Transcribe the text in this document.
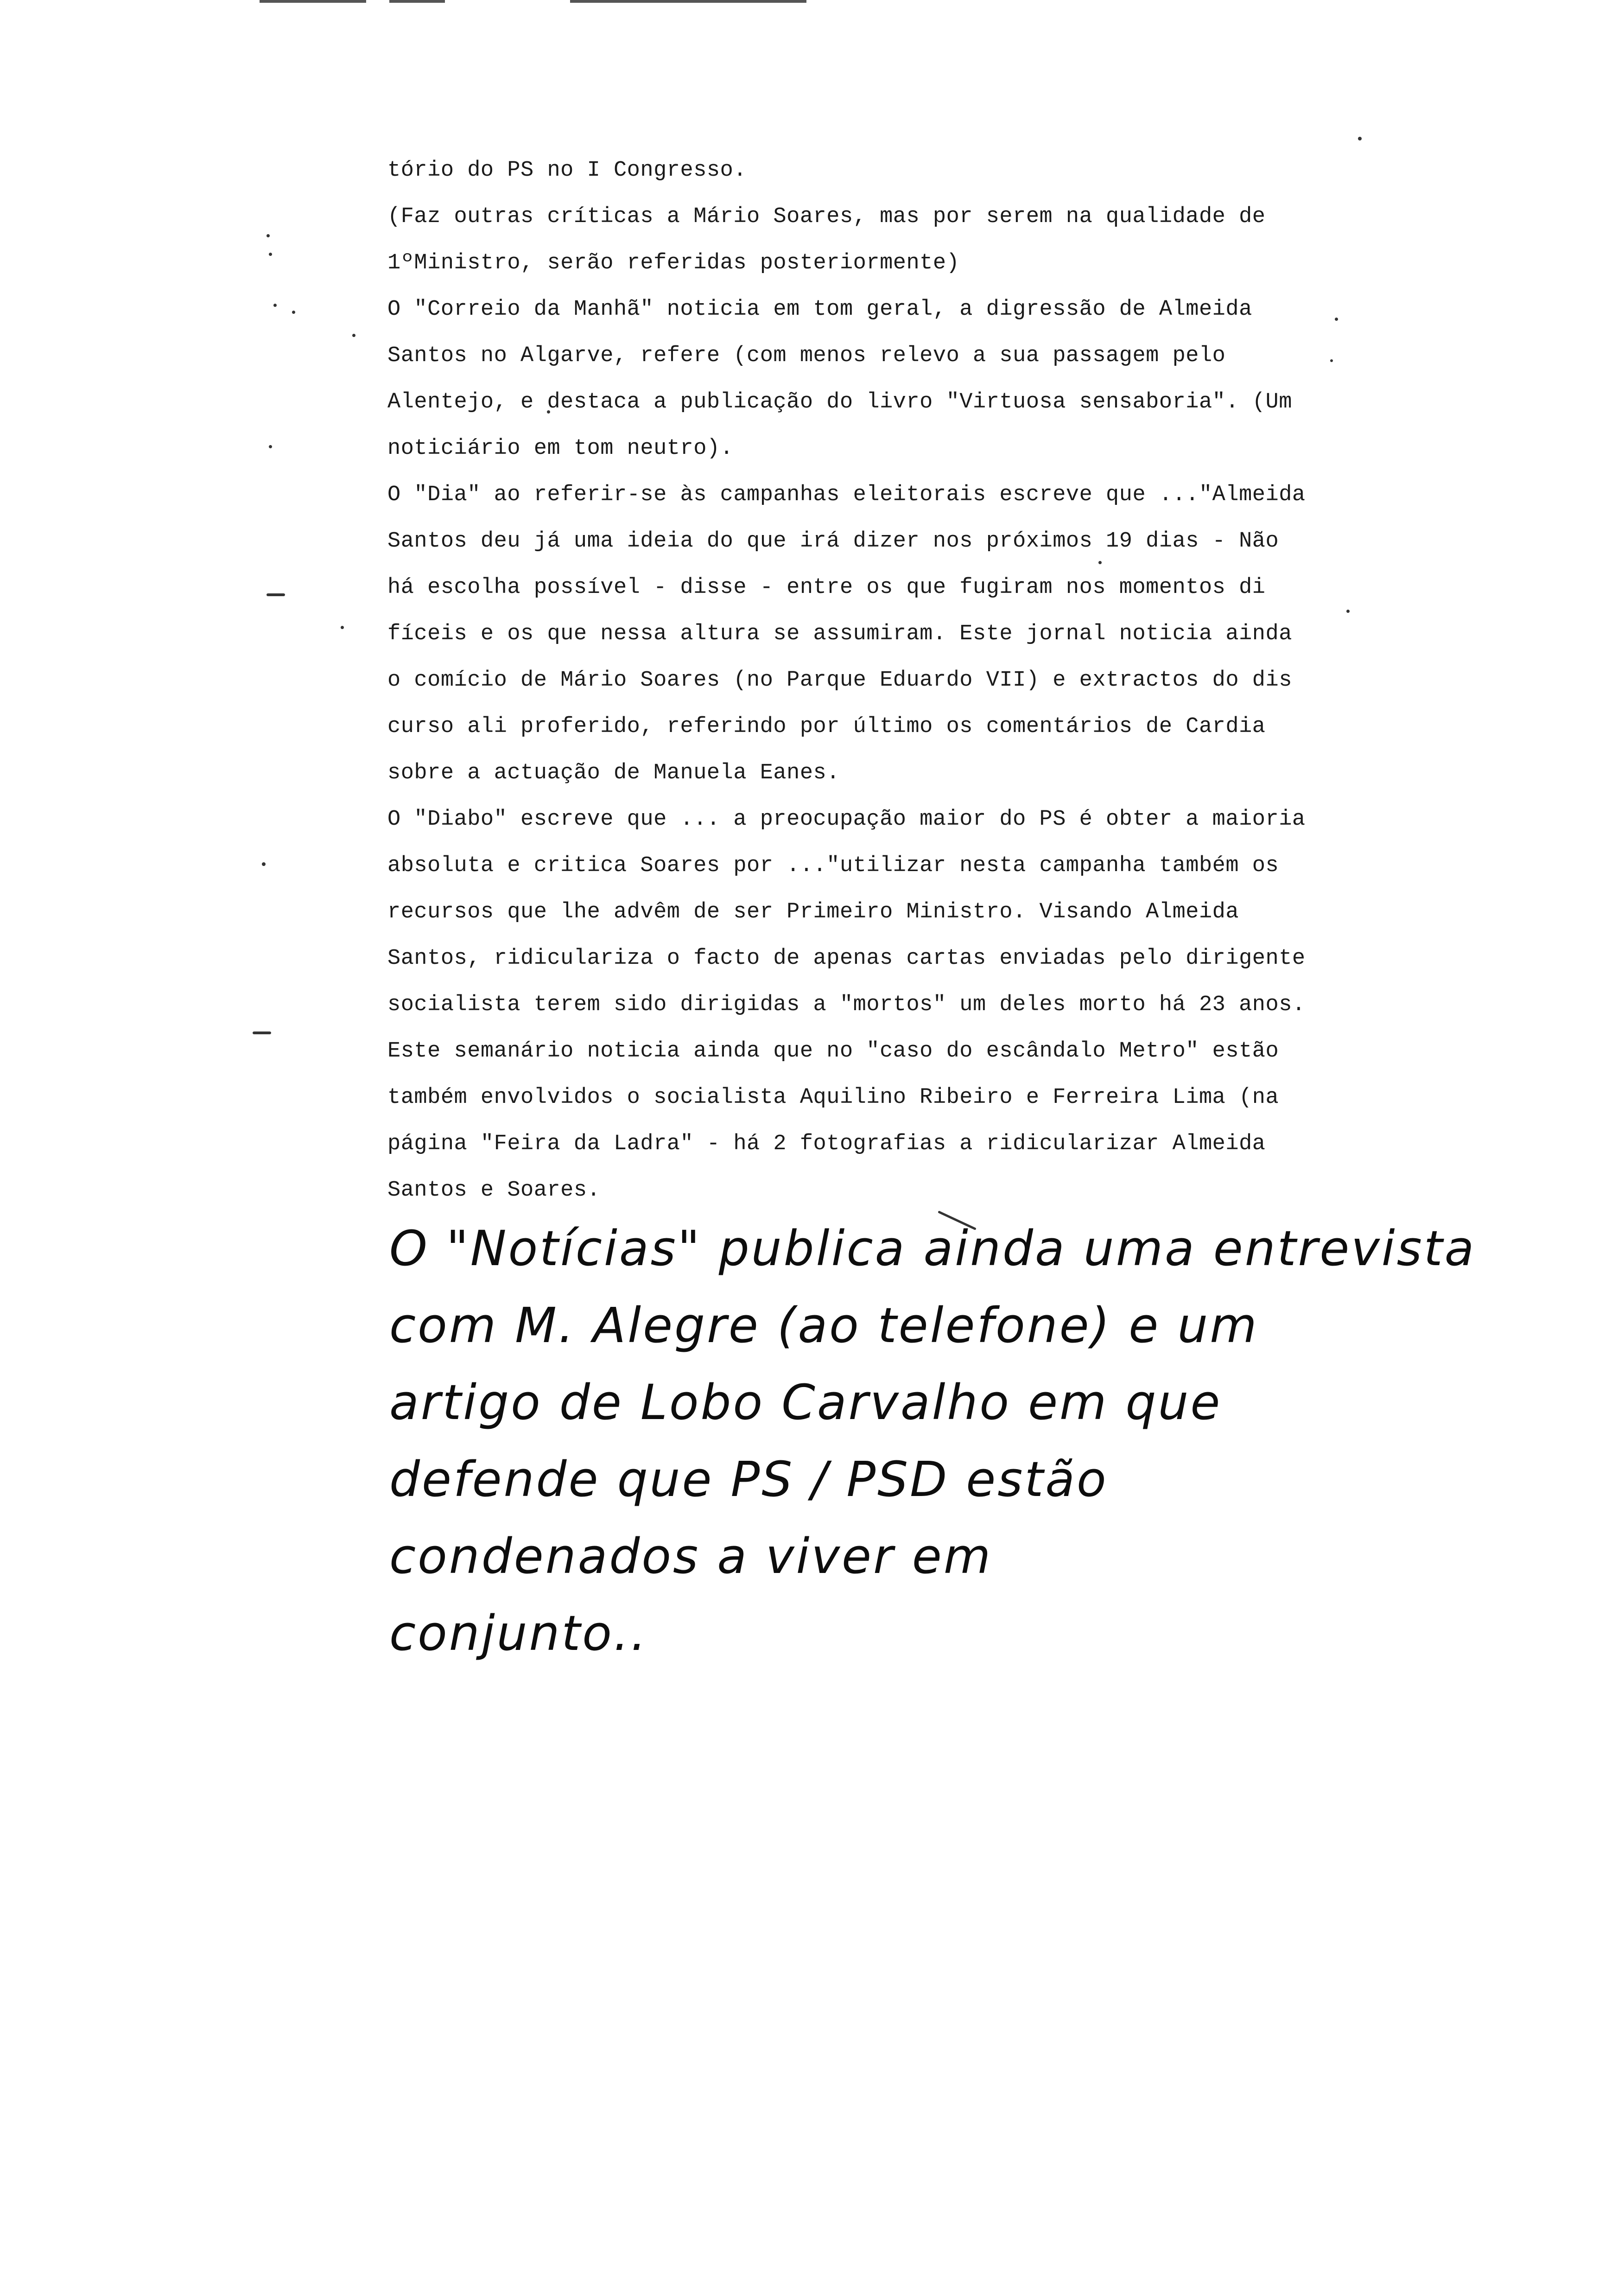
tório do PS no I Congresso.
(Faz outras críticas a Mário Soares, mas por serem na qualidade de
1ºMinistro, serão referidas posteriormente)
O "Correio da Manhã" noticia em tom geral, a digressão de Almeida
Santos no Algarve, refere (com menos relevo a sua passagem pelo
Alentejo, e destaca a publicação do livro "Virtuosa sensaboria". (Um
noticiário em tom neutro).
O "Dia" ao referir-se às campanhas eleitorais escreve que ..."Almeida
Santos deu já uma ideia do que irá dizer nos próximos 19 dias - Não
há escolha possível - disse - entre os que fugiram nos momentos di
fíceis e os que nessa altura se assumiram. Este jornal noticia ainda
o comício de Mário Soares (no Parque Eduardo VII) e extractos do dis
curso ali proferido, referindo por último os comentários de Cardia
sobre a actuação de Manuela Eanes.
O "Diabo" escreve que ... a preocupação maior do PS é obter a maioria
absoluta e critica Soares por ..."utilizar nesta campanha também os
recursos que lhe advêm de ser Primeiro Ministro. Visando Almeida
Santos, ridiculariza o facto de apenas cartas enviadas pelo dirigente
socialista terem sido dirigidas a "mortos" um deles morto há 23 anos.
Este semanário noticia ainda que no "caso do escândalo Metro" estão
também envolvidos o socialista Aquilino Ribeiro e Ferreira Lima (na
página "Feira da Ladra" - há 2 fotografias a ridicularizar Almeida
Santos e Soares.
O "Notícias" publica ainda uma entrevista
com M. Alegre (ao telefone) e um
artigo de Lobo Carvalho em que
defende que PS / PSD estão
condenados a viver em
conjunto..
